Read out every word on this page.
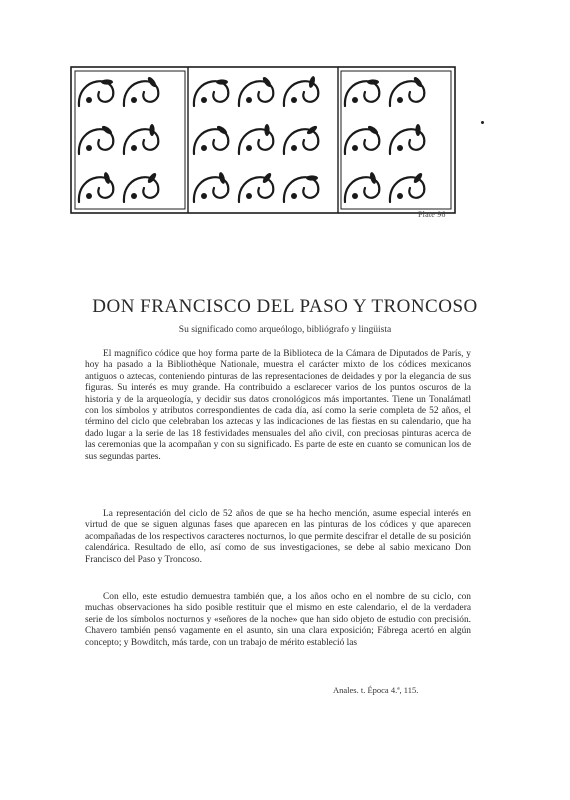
Plate 96
DON FRANCISCO DEL PASO Y TRONCOSO

Su significado como arqueólogo, bibliógrafo y lingüista

El magnífico códice que hoy forma parte de la Biblioteca de la Cámara de Diputados de París, y hoy ha pasado a la Bibliothèque Nationale, muestra el carácter mixto de los códices mexicanos antiguos o aztecas, conteniendo pinturas de las representaciones de deidades y por la elegancia de sus figuras. Su interés es muy grande. Ha contribuido a esclarecer varios de los puntos oscuros de la historia y de la arqueología, y decidir sus datos cronológicos más importantes. Tiene un Tonalámatl con los símbolos y atributos correspondientes de cada día, así como la serie completa de 52 años, el término del ciclo que celebraban los aztecas y las indicaciones de las fiestas en su calendario, que ha dado lugar a la serie de las 18 festividades mensuales del año civil, con preciosas pinturas acerca de las ceremonias que la acompañan y con su significado. Es parte de este en cuanto se comunican los de sus segundas partes.

La representación del ciclo de 52 años de que se ha hecho mención, asume especial interés en virtud de que se siguen algunas fases que aparecen en las pinturas de los códices y que aparecen acompañadas de los respectivos caracteres nocturnos, lo que permite descifrar el detalle de su posición calendárica. Resultado de ello, así como de sus investigaciones, se debe al sabio mexicano Don Francisco del Paso y Troncoso.

Con ello, este estudio demuestra también que, a los años ocho en el nombre de su ciclo, con muchas observaciones ha sido posible restituir que el mismo en este calendario, el de la verdadera serie de los símbolos nocturnos y «señores de la noche» que han sido objeto de estudio con precisión. Chavero también pensó vagamente en el asunto, sin una clara exposición; Fábrega acertó en algún concepto; y Bowditch, más tarde, con un trabajo de mérito estableció las

Anales. t. Época 4.ª, 115.
